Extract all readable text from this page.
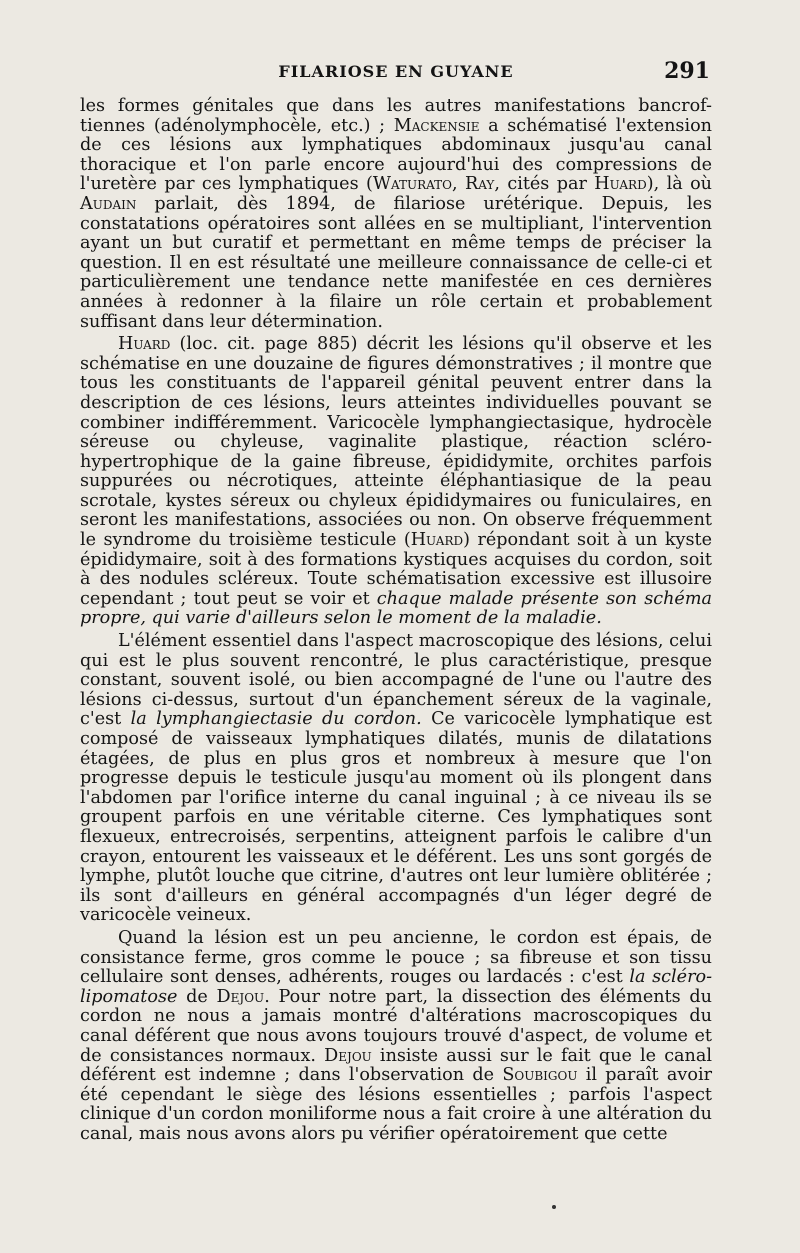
FILARIOSE EN GUYANE	291

les formes génitales que dans les autres manifestations bancrof-tiennes (adénolymphocèle, etc.) ; Mackensie a schématisé l'extension de ces lésions aux lymphatiques abdominaux jusqu'au canal thoracique et l'on parle encore aujourd'hui des compressions de l'uretère par ces lymphatiques (Waturato, Ray, cités par Huard), là où Audain parlait, dès 1894, de filariose urétérique. Depuis, les constatations opératoires sont allées en se multipliant, l'intervention ayant un but curatif et permettant en même temps de préciser la question. Il en est résultaté une meilleure connaissance de celle-ci et particulièrement une tendance nette manifestée en ces dernières années à redonner à la filaire un rôle certain et probablement suffisant dans leur détermination.

Huard (loc. cit. page 885) décrit les lésions qu'il observe et les schématise en une douzaine de figures démonstratives ; il montre que tous les constituants de l'appareil génital peuvent entrer dans la description de ces lésions, leurs atteintes individuelles pouvant se combiner indifféremment. Varicocèle lymphangiectasique, hydrocèle séreuse ou chyleuse, vaginalite plastique, réaction scléro-hypertrophique de la gaine fibreuse, épididymite, orchites parfois suppurées ou nécrotiques, atteinte éléphantiasique de la peau scrotale, kystes séreux ou chyleux épididymaires ou funiculaires, en seront les manifestations, associées ou non. On observe fréquemment le syndrome du troisième testicule (Huard) répondant soit à un kyste épididymaire, soit à des formations kystiques acquises du cordon, soit à des nodules scléreux. Toute schématisation excessive est illusoire cependant ; tout peut se voir et chaque malade présente son schéma propre, qui varie d'ailleurs selon le moment de la maladie.

L'élément essentiel dans l'aspect macroscopique des lésions, celui qui est le plus souvent rencontré, le plus caractéristique, presque constant, souvent isolé, ou bien accompagné de l'une ou l'autre des lésions ci-dessus, surtout d'un épanchement séreux de la vaginale, c'est la lymphangiectasie du cordon. Ce varicocèle lymphatique est composé de vaisseaux lymphatiques dilatés, munis de dilatations étagées, de plus en plus gros et nombreux à mesure que l'on progresse depuis le testicule jusqu'au moment où ils plongent dans l'abdomen par l'orifice interne du canal inguinal ; à ce niveau ils se groupent parfois en une véritable citerne. Ces lymphatiques sont flexueux, entrecroisés, serpentins, atteignent parfois le calibre d'un crayon, entourent les vaisseaux et le déférent. Les uns sont gorgés de lymphe, plutôt louche que citrine, d'autres ont leur lumière oblitérée ; ils sont d'ailleurs en général accompagnés d'un léger degré de varicocèle veineux.

Quand la lésion est un peu ancienne, le cordon est épais, de consistance ferme, gros comme le pouce ; sa fibreuse et son tissu cellulaire sont denses, adhérents, rouges ou lardacés : c'est la scléro-lipomatose de Dejou. Pour notre part, la dissection des éléments du cordon ne nous a jamais montré d'altérations macroscopiques du canal déférent que nous avons toujours trouvé d'aspect, de volume et de consistances normaux. Dejou insiste aussi sur le fait que le canal déférent est indemne ; dans l'observation de Soubigou il paraît avoir été cependant le siège des lésions essentielles ; parfois l'aspect clinique d'un cordon moniliforme nous a fait croire à une altération du canal, mais nous avons alors pu vérifier opératoirement que cette
